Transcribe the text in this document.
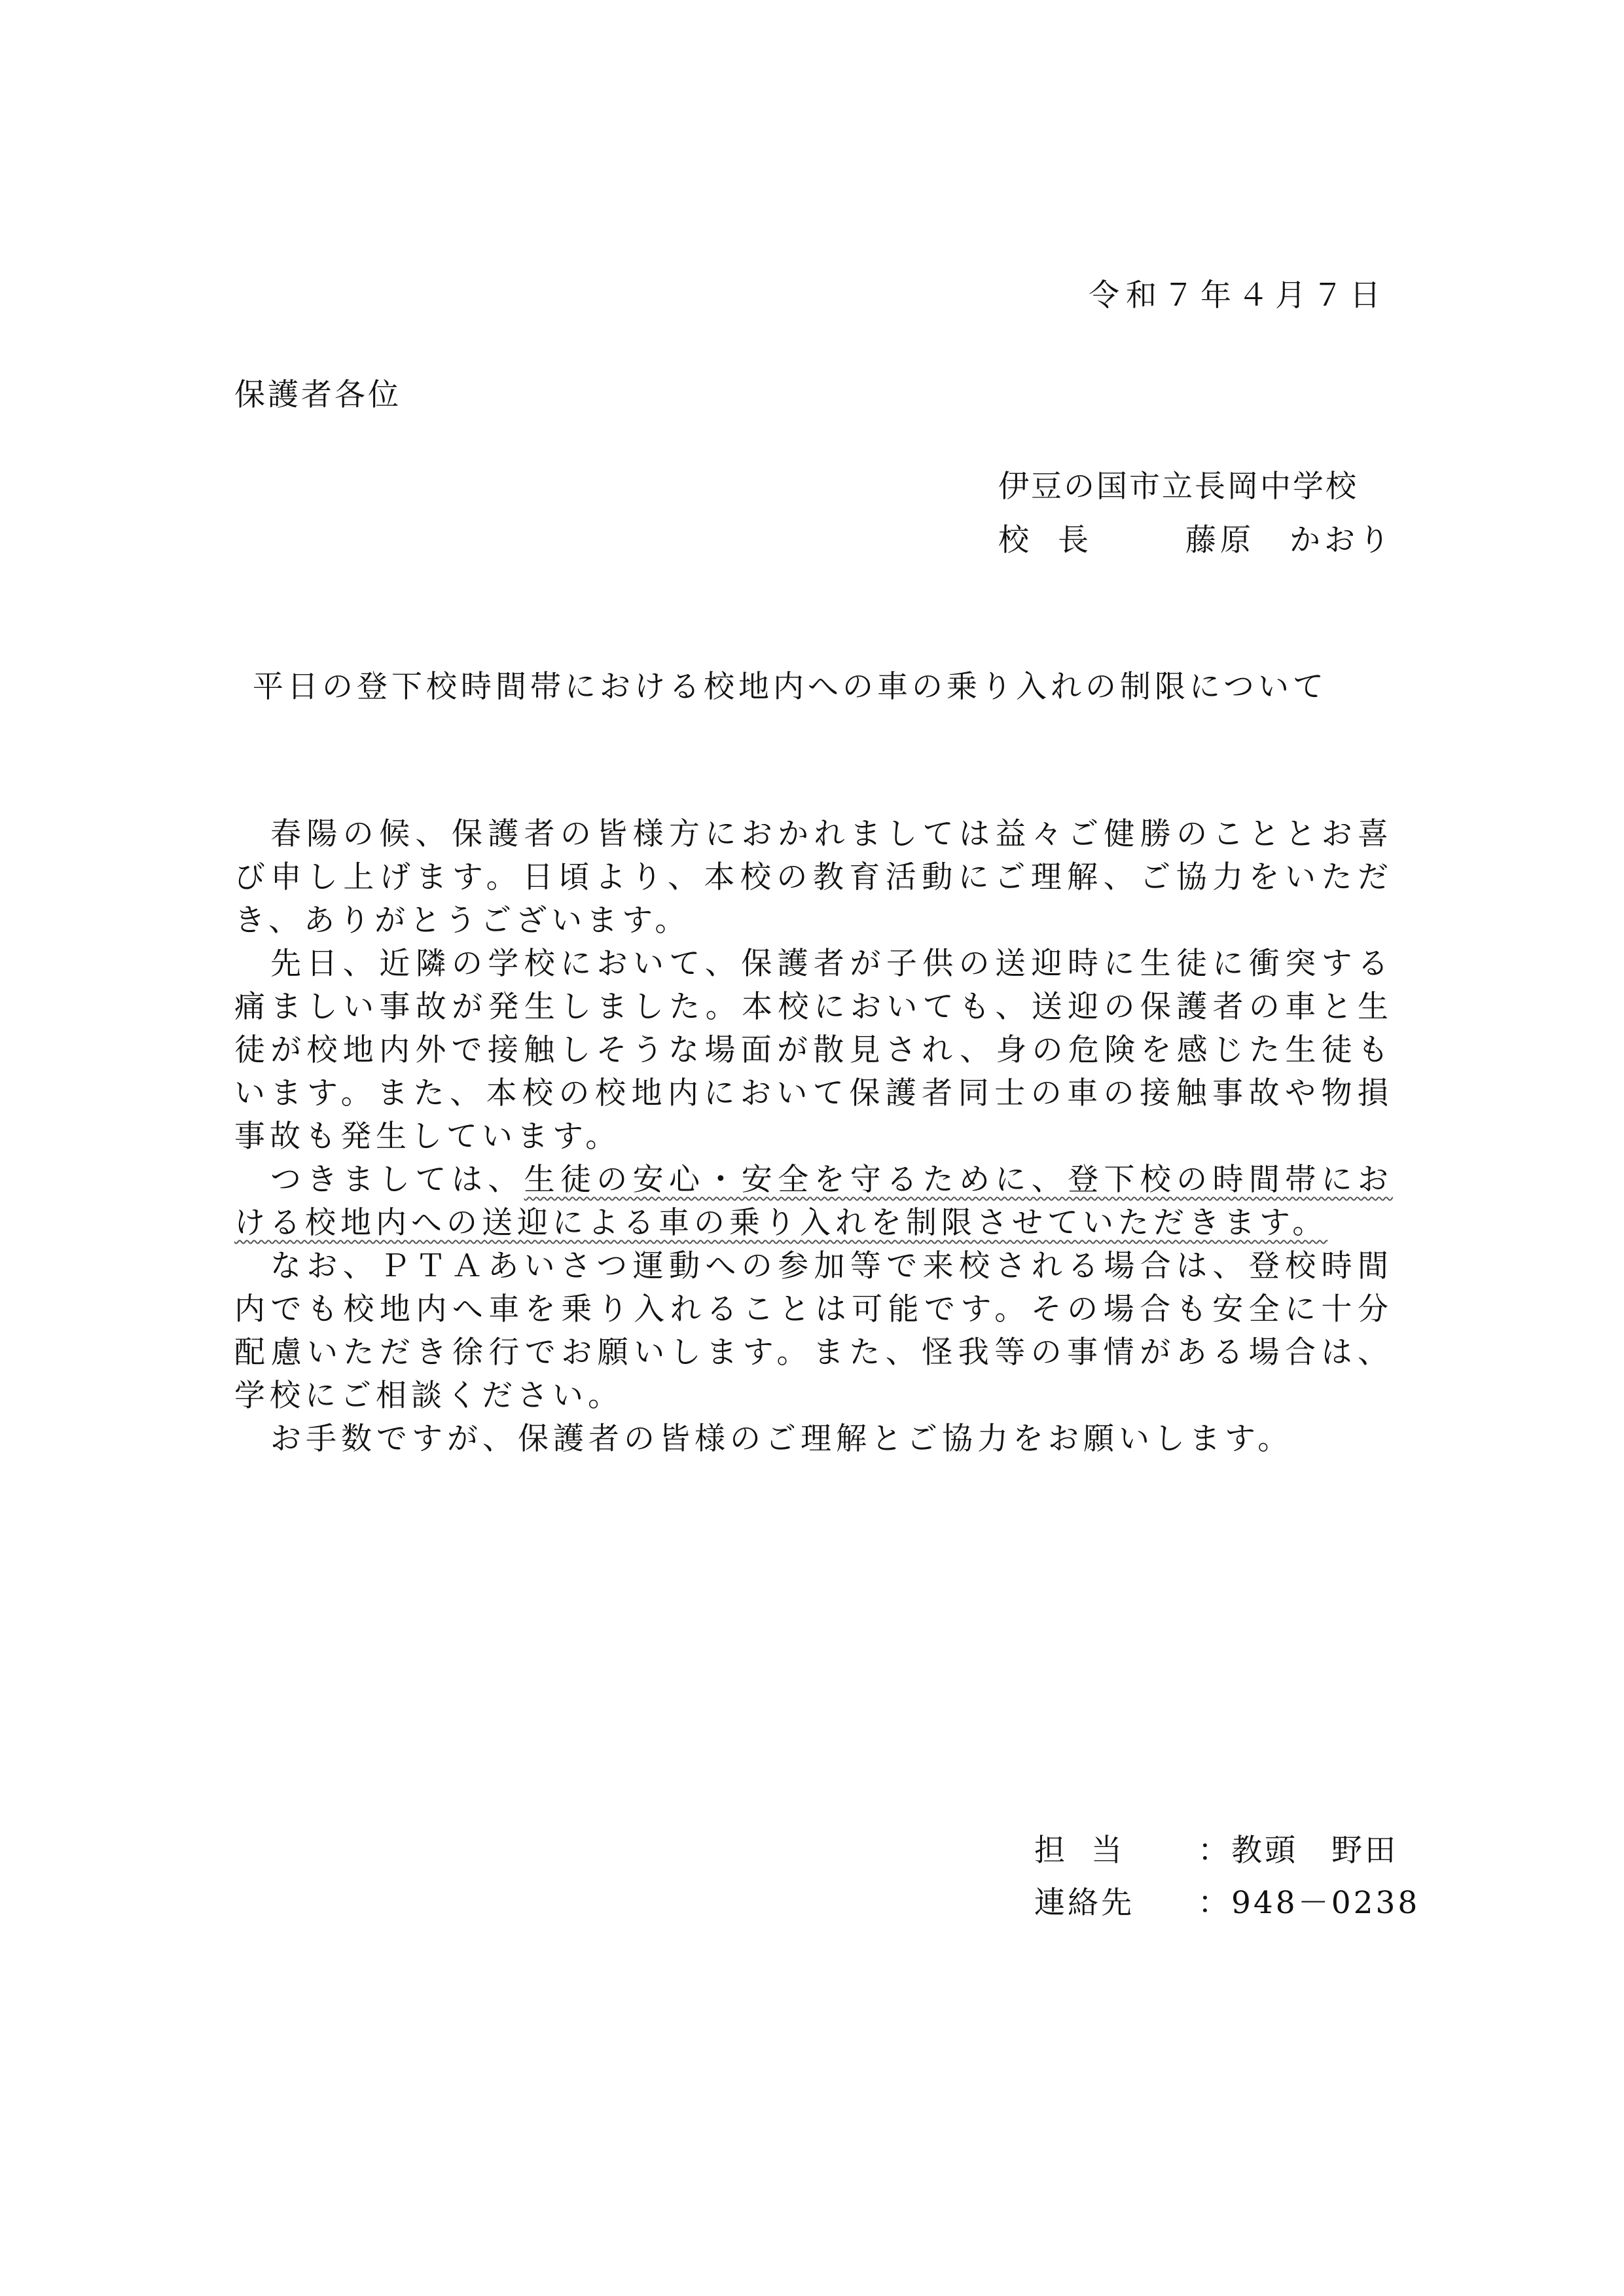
令和７年４月７日
保護者各位
伊豆の国市立長岡中学校
校長 藤原　かおり
平日の登下校時間帯における校地内への車の乗り入れの制限について

春陽の候、保護者の皆様方におかれましては益々ご健勝のこととお喜び申し上げます。日頃より、本校の教育活動にご理解、ご協力をいただき、ありがとうございます。

先日、近隣の学校において、保護者が子供の送迎時に生徒に衝突する痛ましい事故が発生しました。本校においても、送迎の保護者の車と生徒が校地内外で接触しそうな場面が散見され、身の危険を感じた生徒もいます。また、本校の校地内において保護者同士の車の接触事故や物損事故も発生しています。

つきましては、生徒の安心・安全を守るために、登下校の時間帯における校地内への送迎による車の乗り入れを制限させていただきます。

なお、ＰＴＡあいさつ運動への参加等で来校される場合は、登校時間内でも校地内へ車を乗り入れることは可能です。その場合も安全に十分配慮いただき徐行でお願いします。また、怪我等の事情がある場合は、学校にご相談ください。

お手数ですが、保護者の皆様のご理解とご協力をお願いします。

担当 ：教頭　野田
連絡先 ：948－0238
